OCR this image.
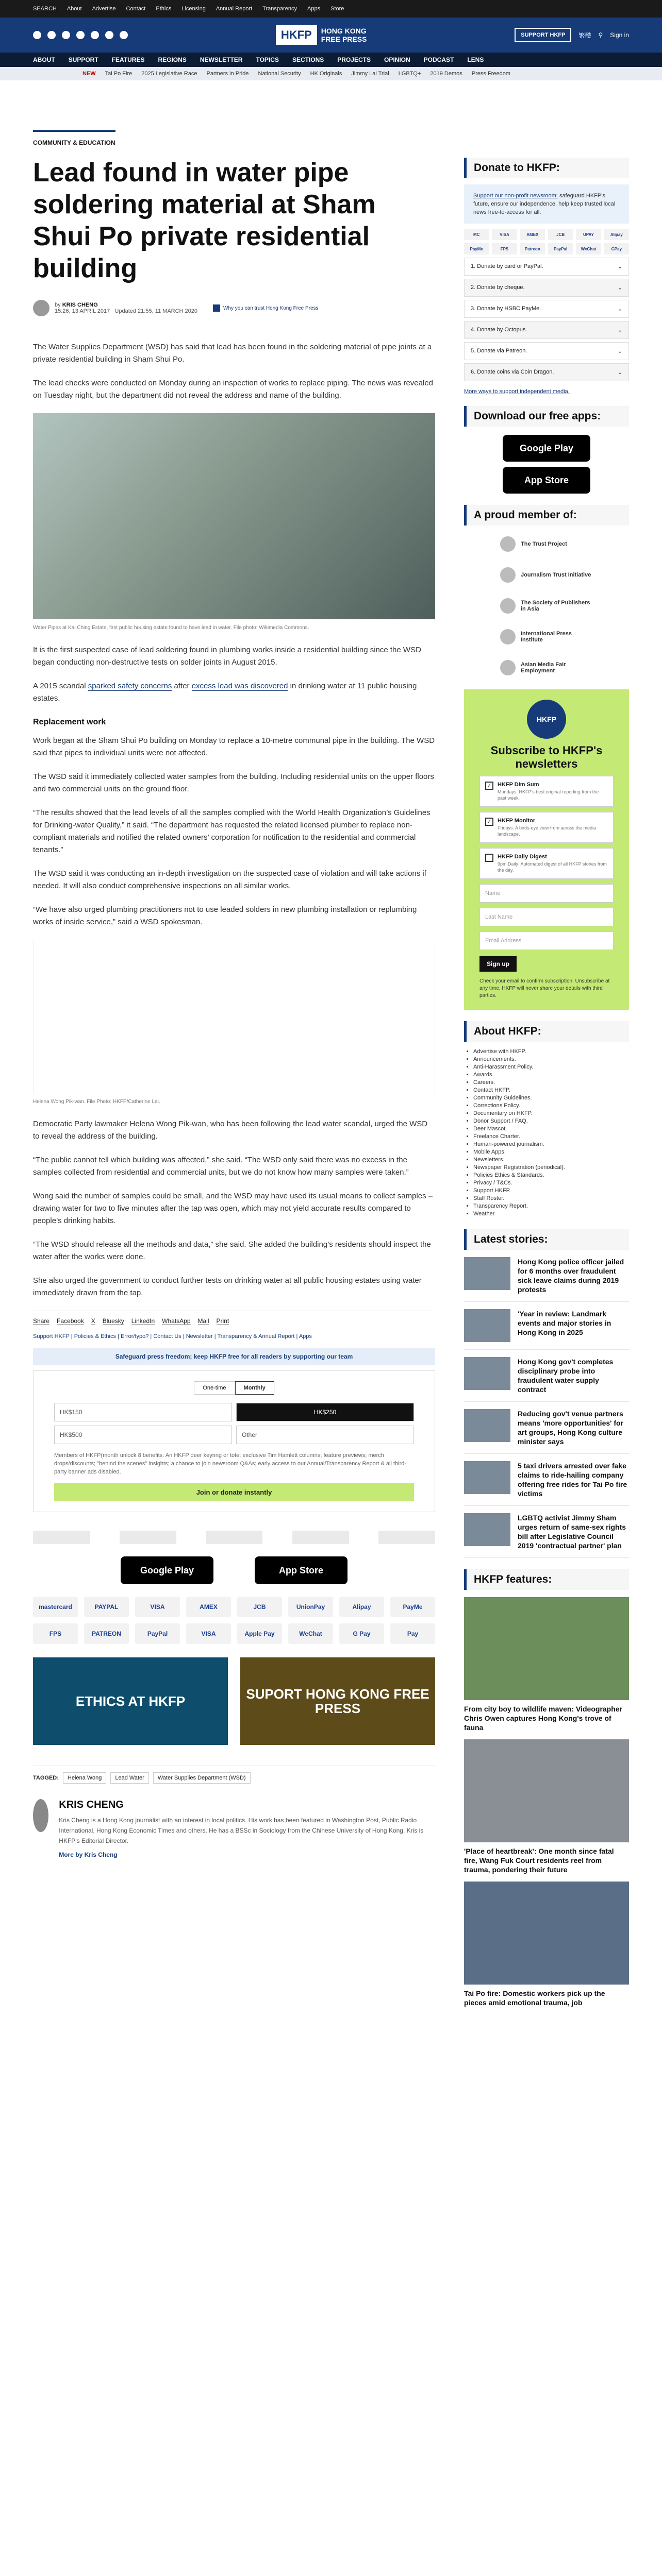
SEARCH About Advertise Contact Ethics Licensing Annual Report Transparency Apps Store
HKFP	HONG KONG
FREE PRESS	SUPPORT HKFP	繁體 ⚲ Sign in
ABOUT SUPPORT FEATURES REGIONS NEWSLETTER TOPICS SECTIONS PROJECTS OPINION PODCAST LENS
NEW Tai Po Fire 2025 Legislative Race Partners in Pride National Security HK Originals Jimmy Lai Trial LGBTQ+ 2019 Demos Press Freedom
COMMUNITY & EDUCATION
Lead found in water pipe soldering material at Sham Shui Po private residential building
by KRIS CHENG
15:26, 13 APRIL 2017 Updated 21:55, 11 MARCH 2020	Why you can trust Hong Kong Free Press

The Water Supplies Department (WSD) has said that lead has been found in the soldering material of pipe joints at a private residential building in Sham Shui Po.

The lead checks were conducted on Monday during an inspection of works to replace piping. The news was revealed on Tuesday night, but the department did not reveal the address and name of the building.

Water Pipes at Kai Ching Estate, first public housing estate found to have lead in water. File photo: Wikimedia Commons.

It is the first suspected case of lead soldering found in plumbing works inside a residential building since the WSD began conducting non-destructive tests on solder joints in August 2015.

A 2015 scandal sparked safety concerns after excess lead was discovered in drinking water at 11 public housing estates.

Replacement work

Work began at the Sham Shui Po building on Monday to replace a 10-metre communal pipe in the building. The WSD said that pipes to individual units were not affected.

The WSD said it immediately collected water samples from the building. Including residential units on the upper floors and two commercial units on the ground floor.

“The results showed that the lead levels of all the samples complied with the World Health Organization’s Guidelines for Drinking-water Quality,” it said. “The department has requested the related licensed plumber to replace non-compliant materials and notified the related owners’ corporation for notification to the residential and commercial tenants.”

The WSD said it was conducting an in-depth investigation on the suspected case of violation and will take actions if needed. It will also conduct comprehensive inspections on all similar works.

“We have also urged plumbing practitioners not to use leaded solders in new plumbing installation or replumbing works of inside service,” said a WSD spokesman.

Helena Wong Pik-wan. File Photo: HKFP/Catherine Lai.

Democratic Party lawmaker Helena Wong Pik-wan, who has been following the lead water scandal, urged the WSD to reveal the address of the building.

“The public cannot tell which building was affected,” she said. “The WSD only said there was no excess in the samples collected from residential and commercial units, but we do not know how many samples were taken.”

Wong said the number of samples could be small, and the WSD may have used its usual means to collect samples – drawing water for two to five minutes after the tap was open, which may not yield accurate results compared to people’s drinking habits.

“The WSD should release all the methods and data,” she said. She added the building’s residents should inspect the water after the works were done.

She also urged the government to conduct further tests on drinking water at all public housing estates using water immediately drawn from the tap.

Share Facebook X Bluesky LinkedIn WhatsApp Mail Print
Support HKFP | Policies & Ethics | Error/typo? | Contact Us | Newsletter | Transparency & Annual Report | Apps
Safeguard press freedom; keep HKFP free for all readers by supporting our team
One-time	Monthly
HK$150	HK$250
HK$500	Other
Members of HKFP(month unlock 8 benefits: An HKFP deer keyring or tote; exclusive Tim Hamlett columns; feature previews; merch drops/discounts; "behind the scenes" insights; a chance to join newsroom Q&As; early access to our Annual/Transparency Report & all third-party banner ads disabled.
Join or donate instantly
Google Play	App Store
mastercard	PAYPAL	VISA	AMEX	JCB	UnionPay	Alipay	PayMe
FPS	PATREON	PayPal	VISA	Apple Pay	WeChat	G Pay	Pay
ETHICS AT HKFP	SUPORT HONG KONG FREE PRESS
TAGGED:	Helena Wong	Lead Water	Water Supplies Department (WSD)
KRIS CHENG

Kris Cheng is a Hong Kong journalist with an interest in local politics. His work has been featured in Washington Post, Public Radio International, Hong Kong Economic Times and others. He has a BSSc in Sociology from the Chinese University of Hong Kong. Kris is HKFP's Editorial Director.

More by Kris Cheng
Donate to HKFP:
Support our non-profit newsroom: safeguard HKFP's future, ensure our independence, help keep trusted local news free-to-access for all.
MC	VISA	AMEX	JCB	UPAY	Alipay
PayMe	FPS	Patreon	PayPal	WeChat	GPay
1. Donate by card or PayPal.	⌄
2. Donate by cheque.	⌄
3. Donate by HSBC PayMe.	⌄
4. Donate by Octopus.	⌄
5. Donate via Patreon.	⌄
6. Donate coins via Coin Dragon.	⌄
More ways to support independent media.
Download our free apps:
Google Play
App Store
A proud member of:
The Trust Project
Journalism Trust Initiative
The Society of Publishers in Asia
International Press Institute
Asian Media Fair Employment
HKFP
Subscribe to HKFP's newsletters
✓	HKFP Dim Sum
Mondays: HKFP's best original reporting from the past week.
✓	HKFP Monitor
Fridays: A birds-eye view from across the media landscape.
HKFP Daily Digest
9pm Daily: Automated digest of all HKFP stories from the day.
Name
Last Name
Email Address
Sign up
Check your email to confirm subscription. Unsubscribe at any time. HKFP will never share your details with third parties.
About HKFP:
• Advertise with HKFP.
• Announcements.
• Anti-Harassment Policy.
• Awards.
• Careers.
• Contact HKFP.
• Community Guidelines.
• Corrections Policy.
• Documentary on HKFP.
• Donor Support / FAQ.
• Deer Mascot.
• Freelance Charter.
• Human-powered journalism.
• Mobile Apps.
• Newsletters.
• Newspaper Registration (periodical).
• Policies Ethics & Standards.
• Privacy / T&Cs.
• Support HKFP.
• Staff Roster.
• Transparency Report.
• Weather.
Latest stories:
Hong Kong police officer jailed for 6 months over fraudulent sick leave claims during 2019 protests
'Year in review: Landmark events and major stories in Hong Kong in 2025
Hong Kong gov't completes disciplinary probe into fraudulent water supply contract
Reducing gov't venue partners means 'more opportunities' for art groups, Hong Kong culture minister says
5 taxi drivers arrested over fake claims to ride-hailing company offering free rides for Tai Po fire victims
LGBTQ activist Jimmy Sham urges return of same-sex rights bill after Legislative Council 2019 'contractual partner' plan
HKFP features:
From city boy to wildlife maven: Videographer Chris Owen captures Hong Kong's trove of fauna
'Place of heartbreak': One month since fatal fire, Wang Fuk Court residents reel from trauma, pondering their future
Tai Po fire: Domestic workers pick up the pieces amid emotional trauma, job
